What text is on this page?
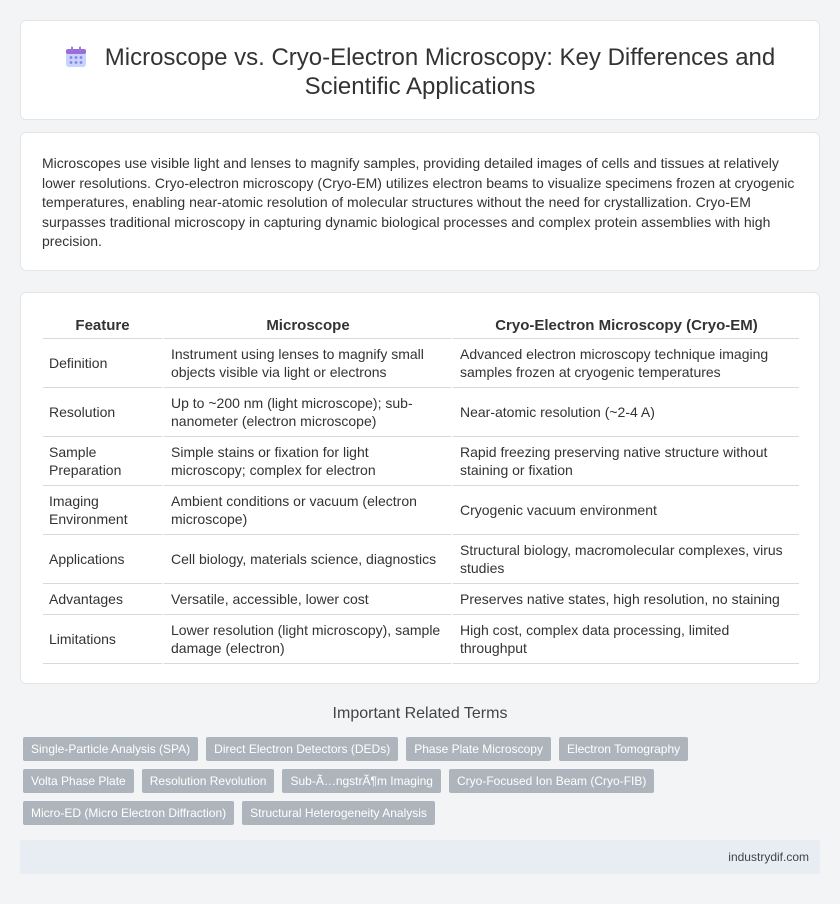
Microscope vs. Cryo-Electron Microscopy: Key Differences and Scientific Applications

Microscopes use visible light and lenses to magnify samples, providing detailed images of cells and tissues at relatively lower resolutions. Cryo-electron microscopy (Cryo-EM) utilizes electron beams to visualize specimens frozen at cryogenic temperatures, enabling near-atomic resolution of molecular structures without the need for crystallization. Cryo-EM surpasses traditional microscopy in capturing dynamic biological processes and complex protein assemblies with high precision.

Feature	Microscope	Cryo-Electron Microscopy (Cryo-EM)
Definition	Instrument using lenses to magnify small objects visible via light or electrons	Advanced electron microscopy technique imaging samples frozen at cryogenic temperatures
Resolution	Up to ~200 nm (light microscope); sub-nanometer (electron microscope)	Near-atomic resolution (~2-4 A)
Sample Preparation	Simple stains or fixation for light microscopy; complex for electron	Rapid freezing preserving native structure without staining or fixation
Imaging Environment	Ambient conditions or vacuum (electron microscope)	Cryogenic vacuum environment
Applications	Cell biology, materials science, diagnostics	Structural biology, macromolecular complexes, virus studies
Advantages	Versatile, accessible, lower cost	Preserves native states, high resolution, no staining
Limitations	Lower resolution (light microscopy), sample damage (electron)	High cost, complex data processing, limited throughput
Important Related Terms
Single-Particle Analysis (SPA)	Direct Electron Detectors (DEDs)	Phase Plate Microscopy	Electron Tomography
Volta Phase Plate	Resolution Revolution	Sub-Ã…ngstrÃ¶m Imaging	Cryo-Focused Ion Beam (Cryo-FIB)
Micro-ED (Micro Electron Diffraction)	Structural Heterogeneity Analysis
industrydif.com
